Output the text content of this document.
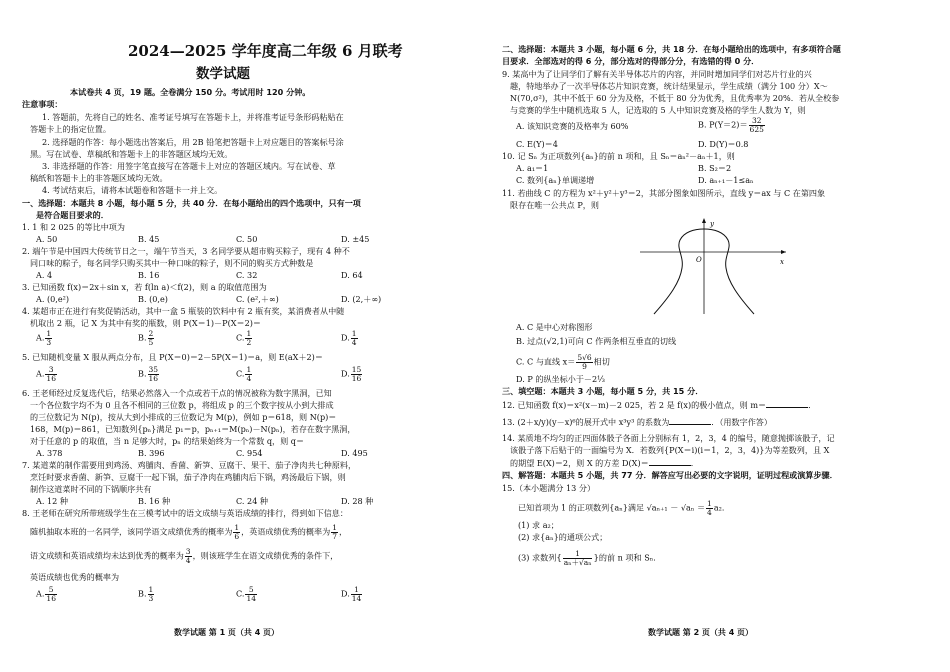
2024—2025 学年度高二年级 6 月联考
数学试题
本试卷共 4 页，19 题。全卷满分 150 分。考试用时 120 分钟。
注意事项：
1. 答题前，先将自己的姓名、准考证号填写在答题卡上，并将准考证号条形码粘贴在
答题卡上的指定位置。
2. 选择题的作答：每小题选出答案后，用 2B 铅笔把答题卡上对应题目的答案标号涂
黑。写在试卷、草稿纸和答题卡上的非答题区域均无效。
3. 非选择题的作答：用签字笔直接写在答题卡上对应的答题区域内。写在试卷、草
稿纸和答题卡上的非答题区域均无效。
4. 考试结束后，请将本试题卷和答题卡一并上交。
一、选择题：本题共 8 小题，每小题 5 分，共 40 分．在每小题给出的四个选项中，只有一项
是符合题目要求的．
1. 1 和 2 025 的等比中项为
A. 50	B. 45	C. 50	D. ±45
2. 端午节是中国四大传统节日之一，端午节当天，3 名同学要从超市购买粽子，现有 4 种不
同口味的粽子，每名同学只购买其中一种口味的粽子，则不同的购买方式种数是
A. 4	B. 16	C. 32	D. 64
3. 已知函数 f(x)＝2x＋sin x，若 f(ln a)＜f(2)，则 a 的取值范围为
A. (0,e²)	B. (0,e)	C. (e²,＋∞)	D. (2,＋∞)
4. 某超市正在进行有奖促销活动，其中一盒 5 瓶装的饮料中有 2 瓶有奖，某消费者从中随
机取出 2 瓶，记 X 为其中有奖的瓶数，则 P(X＝1)－P(X＝2)＝
A. $\frac{1}{3}$	B. $\frac{2}{5}$	C. $\frac{1}{2}$	D. $\frac{1}{4}$
5. 已知随机变量 X 服从两点分布，且 P(X＝0)＝2－5P(X＝1)＝a，则 E(aX＋2)＝
A. $\frac{3}{16}$	B. $\frac{35}{16}$	C. $\frac{1}{4}$	D. $\frac{15}{16}$
6. 王老师经过反复选代后，结果必然落入一个点或若干点的情况被称为数字黑洞，已知
一个各位数字均不为 0 且各不相同的三位数 p，将组成 p 的三个数字按从小到大排成
的三位数记为 N(p)，按从大到小排成的三位数记为 M(p)，例如 p＝618，则 N(p)＝
168，M(p)＝861，已知数列{pₙ}满足 p₁＝p，pₙ₊₁＝M(pₙ)－N(pₙ)，若存在数字黑洞，
对于任意的 p 的取值，当 n 足够大时，pₙ 的结果始终为一个常数 q，则 q＝
A. 378	B. 396	C. 954	D. 495
7. 某道菜的制作需要用到鸡汤、鸡脯肉、香菌、新笋、豆腐干、果干、茄子净肉共七种原料，
烹饪时要求香菌、新笋、豆腐干一起下锅，茄子净肉在鸡脯肉后下锅，鸡汤最后下锅，则
制作这道菜时不同的下锅顺序共有
A. 12 种	B. 16 种	C. 24 种	D. 28 种
8. 王老师在研究所带班级学生在三模考试中的语文成绩与英语成绩的排行，得到如下信息：
随机抽取本班的一名同学，该同学语文成绩优秀的概率为 $\frac{1}{6}$ ，英语成绩优秀的概率为 $\frac{1}{7}$ ，
语文成绩和英语成绩均未达到优秀的概率为 $\frac{3}{4}$ ，则该班学生在语文成绩优秀的条件下，
英语成绩也优秀的概率为
A. $\frac{5}{16}$	B. $\frac{1}{3}$	C. $\frac{5}{14}$	D. $\frac{1}{14}$
数学试题 第 1 页（共 4 页）
二、选择题：本题共 3 小题，每小题 6 分，共 18 分．在每小题给出的选项中，有多项符合题
目要求．全部选对的得 6 分，部分选对的得部分分，有选错的得 0 分．
9. 某高中为了让同学们了解有关半导体芯片的内容，并同时增加同学们对芯片行业的兴
趣，特地举办了一次半导体芯片知识竞赛，统计结果显示，学生成绩（满分 100 分）X～
N(70,σ²)，其中不低于 60 分为及格，不低于 80 分为优秀，且优秀率为 20%．若从全校参
与竞赛的学生中随机选取 5 人，记选取的 5 人中知识竞赛及格的学生人数为 Y，则
A. 该知识竞赛的及格率为 60%	B. $P(Y=2)= \frac{32}{625}$
C. E(Y)＝4	D. D(Y)＝0.8
10. 记 Sₙ 为正项数列{aₙ}的前 n 项和，且 Sₙ＝aₙ²－aₙ＋1，则
A. a₁＝1	B. S₂＝2
C. 数列{aₙ}单调递增	D. aₙ₊₁－1≤aₙ
11. 若曲线 C 的方程为 x²＋y²＋y³＝2，其部分图象如图所示，直线 y＝ax 与 C 在第四象
限存在唯一公共点 P，则
y
x
O
A. C 是中心对称图形
B. 过点(√2,1)可向 C 作两条相互垂直的切线
C. C 与直线 $x= \frac{5√6}{9}$ 相切
D. P 的纵坐标小于－2⅓
三、填空题：本题共 3 小题，每小题 5 分，共 15 分．
12. 已知函数 f(x)＝x²(x－m)－2 025，若 2 是 f(x)的极小值点，则 m＝	．
13. (2＋x/y)(y－x)⁶的展开式中 x³y³ 的系数为	．（用数字作答）
14. 某质地不均匀的正四面体骰子各面上分别标有 1，2，3，4 的编号，随意抛掷该骰子，记
该骰子落下后贴于的一面编号为 X．若数列{P(X＝i)(i＝1，2，3，4)}为等差数列，且 X
的期望 E(X)＝2，则 X 的方差 D(X)＝	．
四、解答题：本题共 5 小题，共 77 分．解答应写出必要的文字说明，证明过程或演算步骤．
15.（本小题满分 13 分）
已知首项为 1 的正项数列{aₙ}满足 $√a_{n+1} - √a_n = \frac{1}{4} a_2$．
(1) 求 a₂；
(2) 求{aₙ}的通项公式；
(3) 求数列{ $\frac{1}{\text{aₙ＋√aₙ}}$ }的前 n 项和 Sₙ．
数学试题 第 2 页（共 4 页）
